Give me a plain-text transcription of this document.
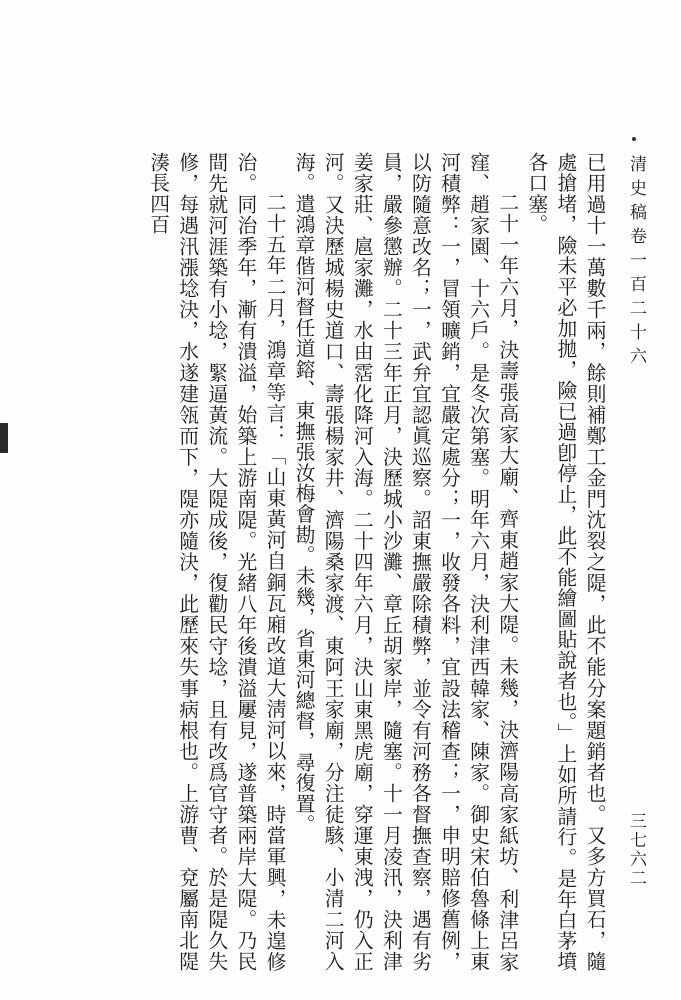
清史稿卷一百二十六
三七六二

已用過十一萬數千兩，餘則補鄭工金門沈裂之隄，此不能分案題銷者也。又多方買石，隨處搶堵，險未平必加拋，險已過卽停止，此不能繪圖貼說者也。」上如所請行。是年白茅墳各口塞。

二十一年六月，決壽張高家大廟、齊東趙家大隄。未幾，決濟陽高家紙坊、利津呂家窪、趙家園、十六戶。是冬次第塞。明年六月，決利津西韓家、陳家。御史宋伯魯條上東河積弊：一，冒領曠銷，宜嚴定處分；一，收發各料，宜設法稽查；一，申明賠修舊例，以防隨意改名；一，武弁宜認眞巡察。詔東撫嚴除積弊，並令有河務各督撫查察，遇有劣員，嚴參懲辦。二十三年正月，決歷城小沙灘、章丘胡家岸，隨塞。十一月凌汛，決利津姜家莊、扈家灘，水由霑化降河入海。二十四年六月，決山東黑虎廟，穿運東洩，仍入正河。又決歷城楊史道口、壽張楊家井、濟陽桑家渡、東阿王家廟，分注徒駭、小清二河入海。遣鴻章偕河督任道鎔、東撫張汝梅會勘。未幾，省東河總督，尋復置。

二十五年二月，鴻章等言：「山東黃河自銅瓦廂改道大淸河以來，時當軍興，未遑修治。同治季年，漸有潰溢，始築上游南隄。光緒八年後潰溢屢見，遂普築兩岸大隄。乃民間先就河涯築有小埝，緊逼黃流。大隄成後，復勸民守埝，且有改爲官守者。於是隄久失修，每遇汛漲埝決，水遂建瓴而下，隄亦隨決，此歷來失事病根也。上游曹、兗屬南北隄湊長四百
